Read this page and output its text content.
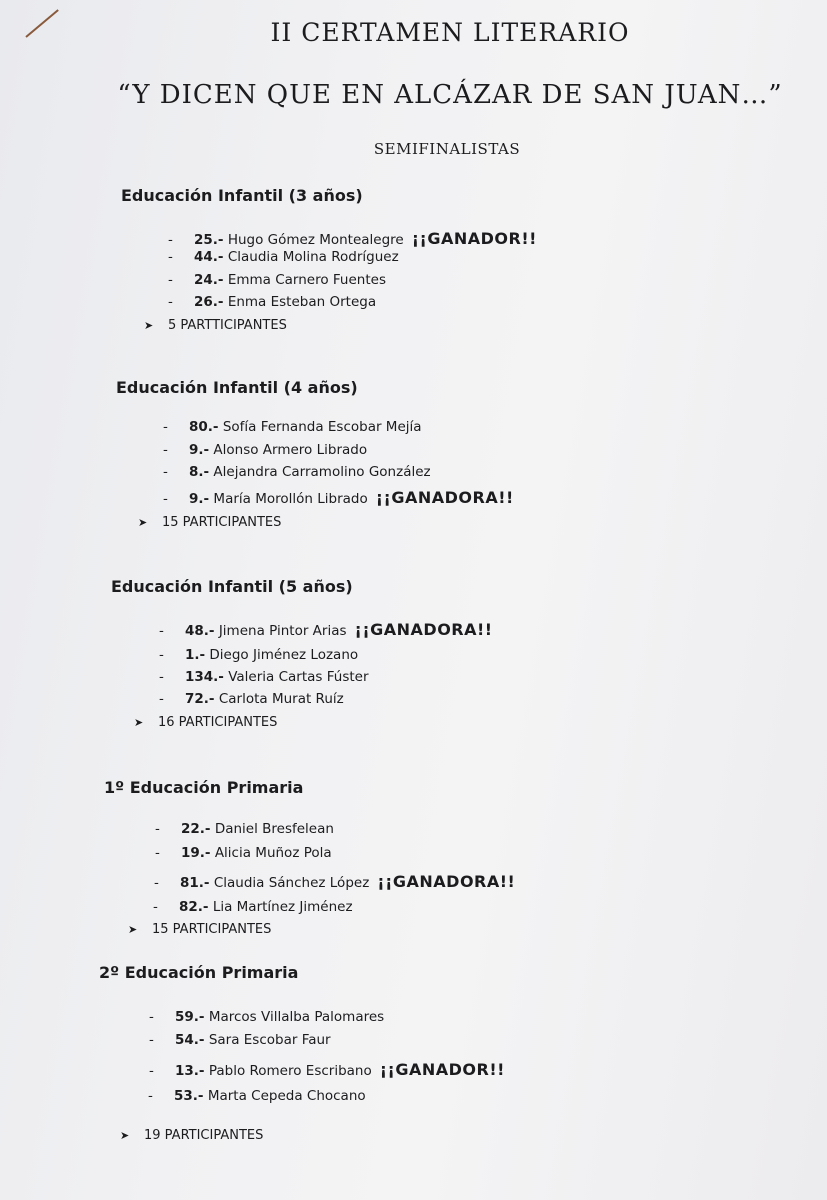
II CERTAMEN LITERARIO
“Y DICEN QUE EN ALCÁZAR DE SAN JUAN…”
SEMIFINALISTAS
Educación Infantil (3 años)
- 25.- Hugo Gómez Montealegre ¡¡GANADOR!!
- 44.- Claudia Molina Rodríguez
- 24.- Emma Carnero Fuentes
- 26.- Enma Esteban Ortega
➤ 5 PARTTICIPANTES
Educación Infantil (4 años)
- 80.- Sofía Fernanda Escobar Mejía
- 9.- Alonso Armero Librado
- 8.- Alejandra Carramolino González
- 9.- María Morollón Librado ¡¡GANADORA!!
➤ 15 PARTICIPANTES
Educación Infantil (5 años)
- 48.- Jimena Pintor Arias ¡¡GANADORA!!
- 1.- Diego Jiménez Lozano
- 134.- Valeria Cartas Fúster
- 72.- Carlota Murat Ruíz
➤ 16 PARTICIPANTES
1º Educación Primaria
- 22.- Daniel Bresfelean
- 19.- Alicia Muñoz Pola
- 81.- Claudia Sánchez López ¡¡GANADORA!!
- 82.- Lia Martínez Jiménez
➤ 15 PARTICIPANTES
2º Educación Primaria
- 59.- Marcos Villalba Palomares
- 54.- Sara Escobar Faur
- 13.- Pablo Romero Escribano ¡¡GANADOR!!
- 53.- Marta Cepeda Chocano
➤ 19 PARTICIPANTES
